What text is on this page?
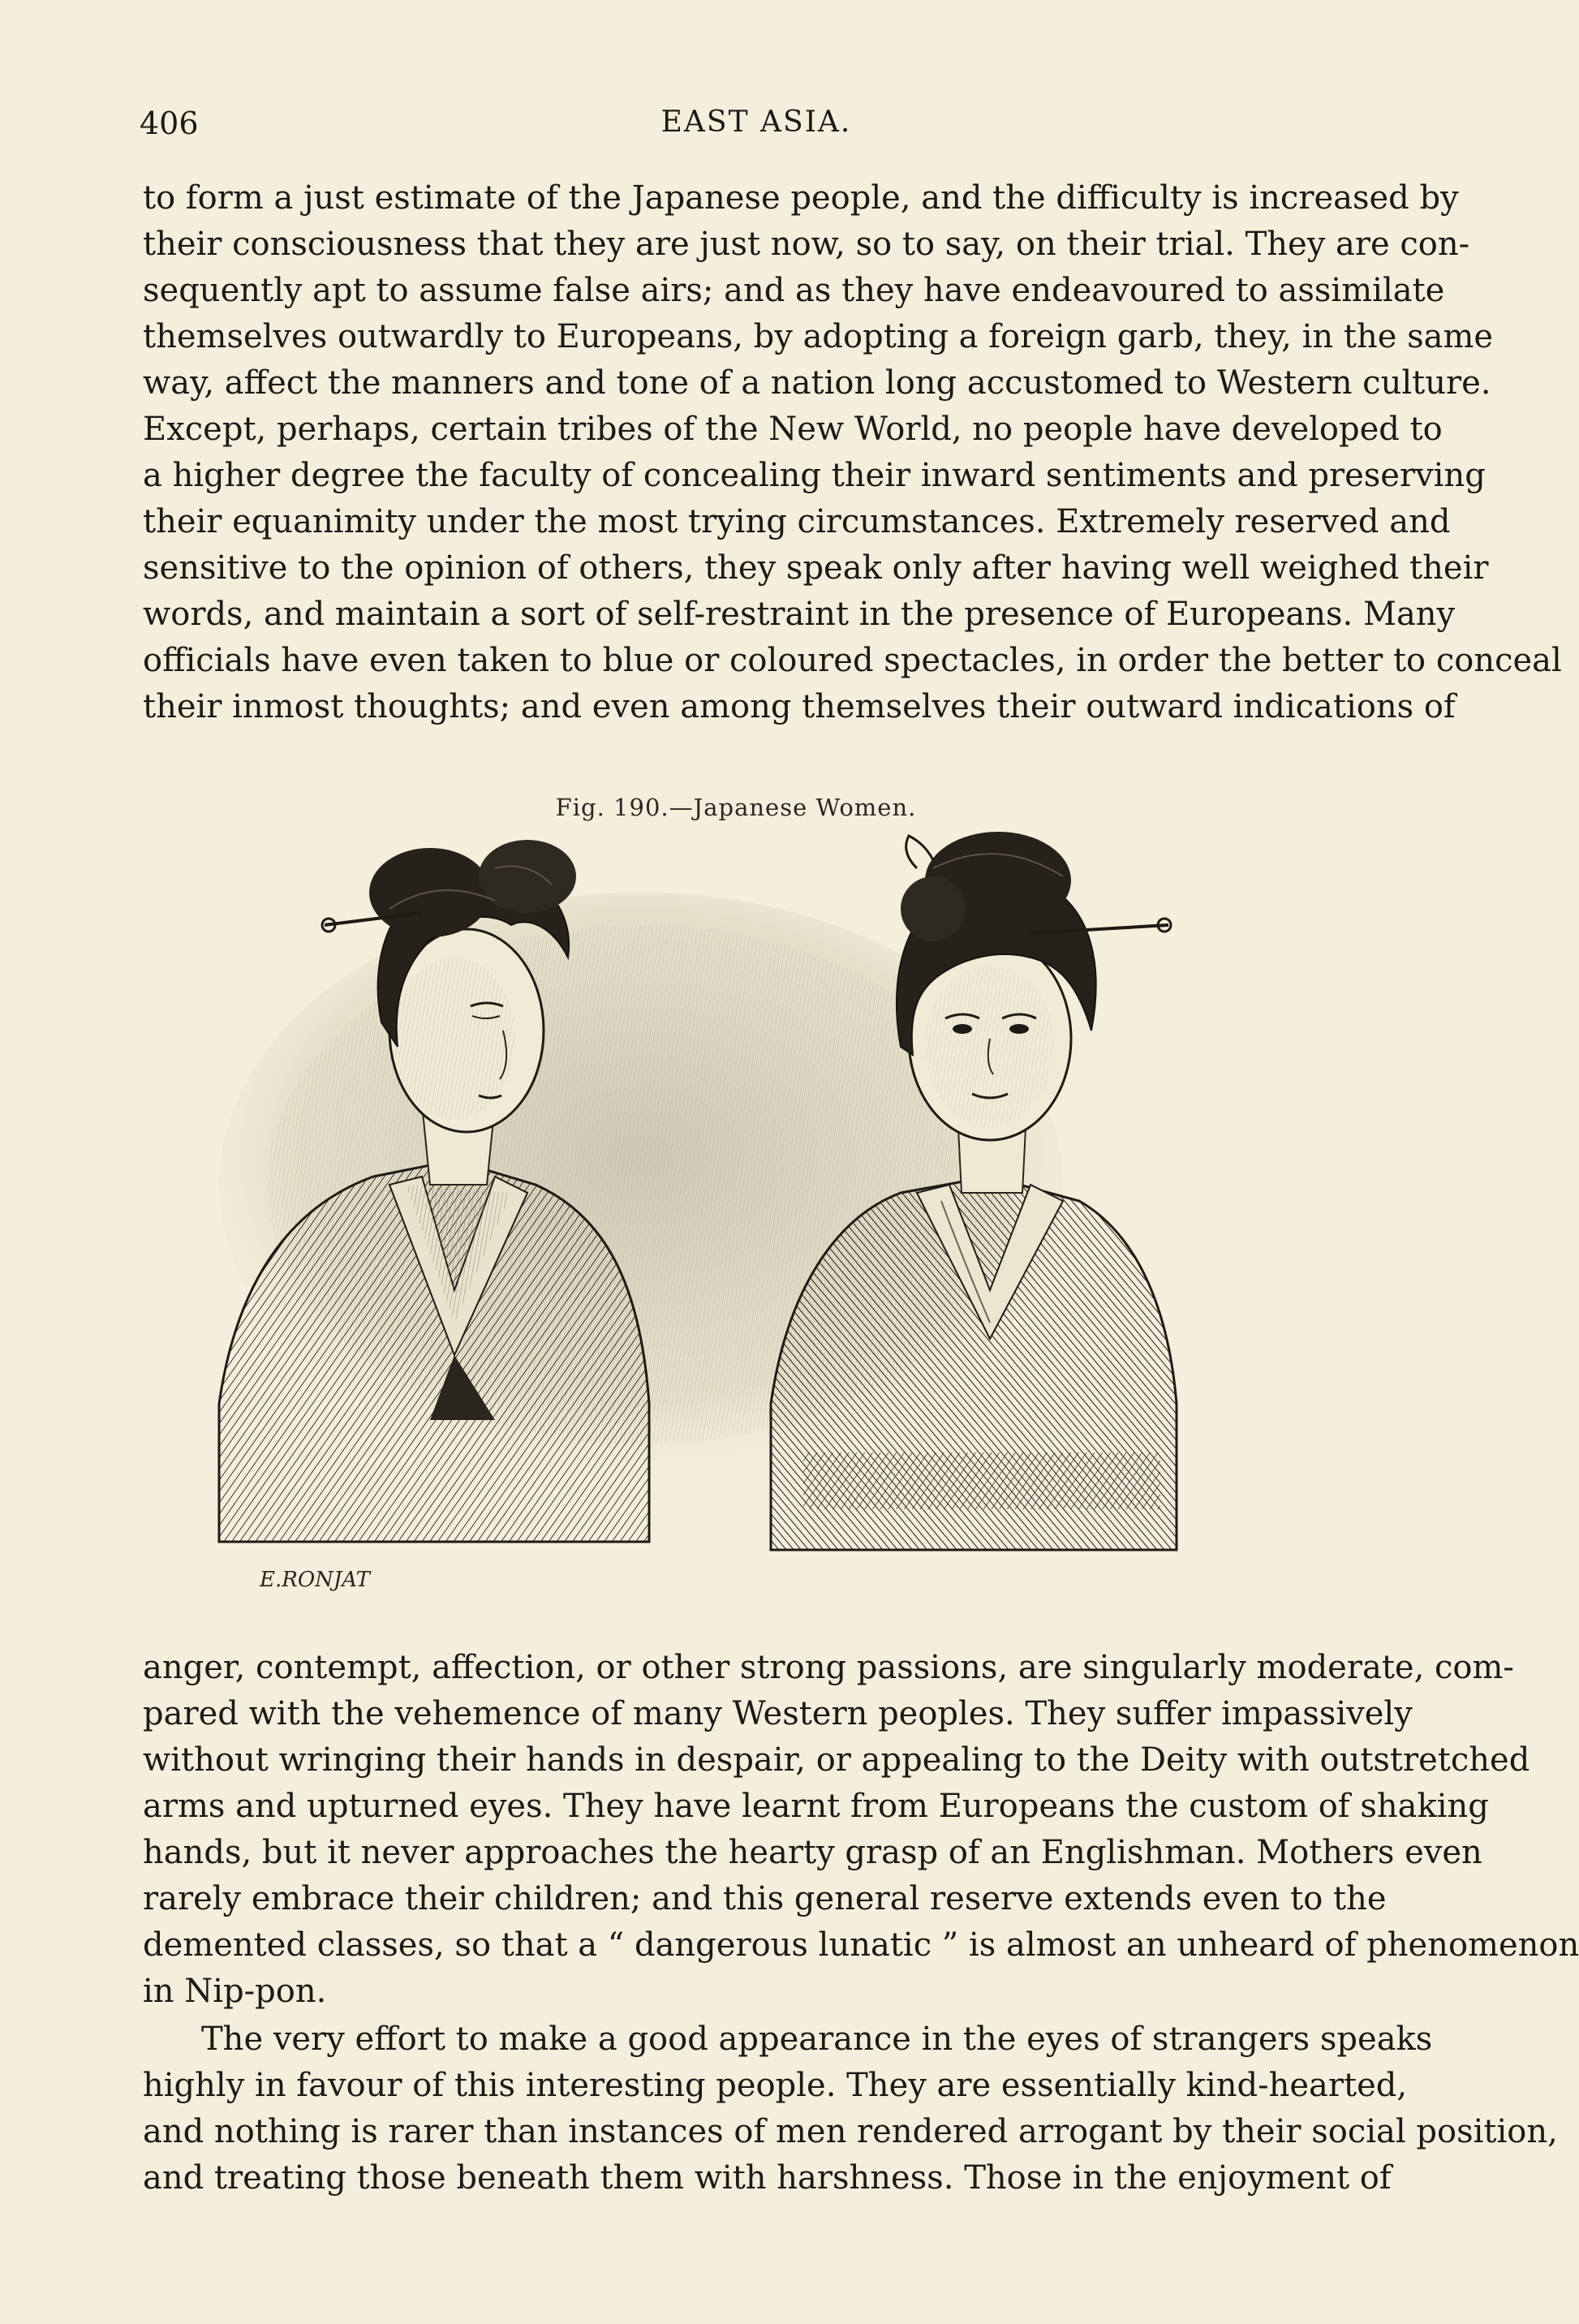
406	EAST ASIA.
to form a just estimate of the Japanese people, and the difficulty is increased by
their consciousness that they are just now, so to say, on their trial. They are con-
sequently apt to assume false airs; and as they have endeavoured to assimilate
themselves outwardly to Europeans, by adopting a foreign garb, they, in the same
way, affect the manners and tone of a nation long accustomed to Western culture.
Except, perhaps, certain tribes of the New World, no people have developed to
a higher degree the faculty of concealing their inward sentiments and preserving
their equanimity under the most trying circumstances. Extremely reserved and
sensitive to the opinion of others, they speak only after having well weighed their
words, and maintain a sort of self-restraint in the presence of Europeans. Many
officials have even taken to blue or coloured spectacles, in order the better to conceal
their inmost thoughts; and even among themselves their outward indications of
Fig. 190.—Japanese Women.
E.RONJAT
anger, contempt, affection, or other strong passions, are singularly moderate, com-
pared with the vehemence of many Western peoples. They suffer impassively
without wringing their hands in despair, or appealing to the Deity with outstretched
arms and upturned eyes. They have learnt from Europeans the custom of shaking
hands, but it never approaches the hearty grasp of an Englishman. Mothers even
rarely embrace their children; and this general reserve extends even to the
demented classes, so that a “ dangerous lunatic ” is almost an unheard of phenomenon
in Nip-pon.
The very effort to make a good appearance in the eyes of strangers speaks
highly in favour of this interesting people. They are essentially kind-hearted,
and nothing is rarer than instances of men rendered arrogant by their social position,
and treating those beneath them with harshness. Those in the enjoyment of
